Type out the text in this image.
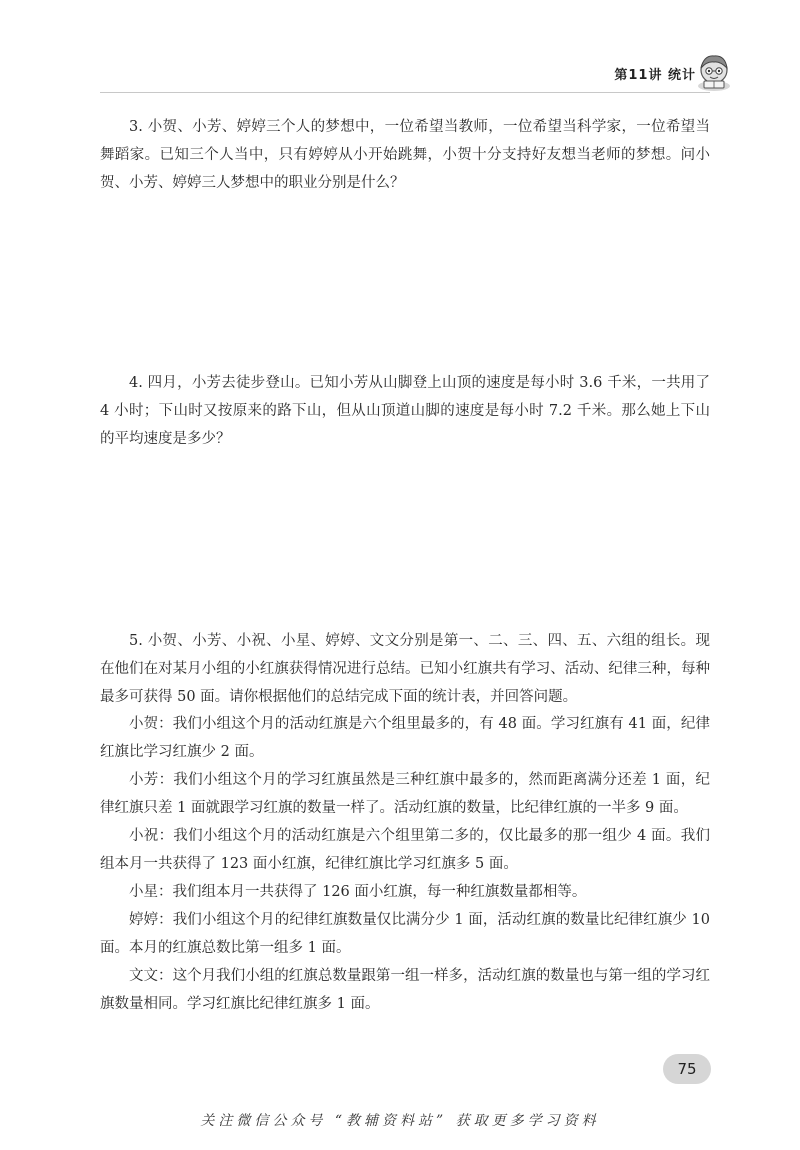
第11讲 统计

3. 小贺、小芳、婷婷三个人的梦想中，一位希望当教师，一位希望当科学家，一位希望当舞蹈家。已知三个人当中，只有婷婷从小开始跳舞，小贺十分支持好友想当老师的梦想。问小贺、小芳、婷婷三人梦想中的职业分别是什么？

4. 四月，小芳去徒步登山。已知小芳从山脚登上山顶的速度是每小时 3.6 千米，一共用了 4 小时；下山时又按原来的路下山，但从山顶道山脚的速度是每小时 7.2 千米。那么她上下山的平均速度是多少？

5. 小贺、小芳、小祝、小星、婷婷、文文分别是第一、二、三、四、五、六组的组长。现在他们在对某月小组的小红旗获得情况进行总结。已知小红旗共有学习、活动、纪律三种，每种最多可获得 50 面。请你根据他们的总结完成下面的统计表，并回答问题。

小贺：我们小组这个月的活动红旗是六个组里最多的，有 48 面。学习红旗有 41 面，纪律红旗比学习红旗少 2 面。

小芳：我们小组这个月的学习红旗虽然是三种红旗中最多的，然而距离满分还差 1 面，纪律红旗只差 1 面就跟学习红旗的数量一样了。活动红旗的数量，比纪律红旗的一半多 9 面。

小祝：我们小组这个月的活动红旗是六个组里第二多的，仅比最多的那一组少 4 面。我们组本月一共获得了 123 面小红旗，纪律红旗比学习红旗多 5 面。

小星：我们组本月一共获得了 126 面小红旗，每一种红旗数量都相等。

婷婷：我们小组这个月的纪律红旗数量仅比满分少 1 面，活动红旗的数量比纪律红旗少 10 面。本月的红旗总数比第一组多 1 面。

文文：这个月我们小组的红旗总数量跟第一组一样多，活动红旗的数量也与第一组的学习红旗数量相同。学习红旗比纪律红旗多 1 面。

75
关注微信公众号 “教辅资料站” 获取更多学习资料
